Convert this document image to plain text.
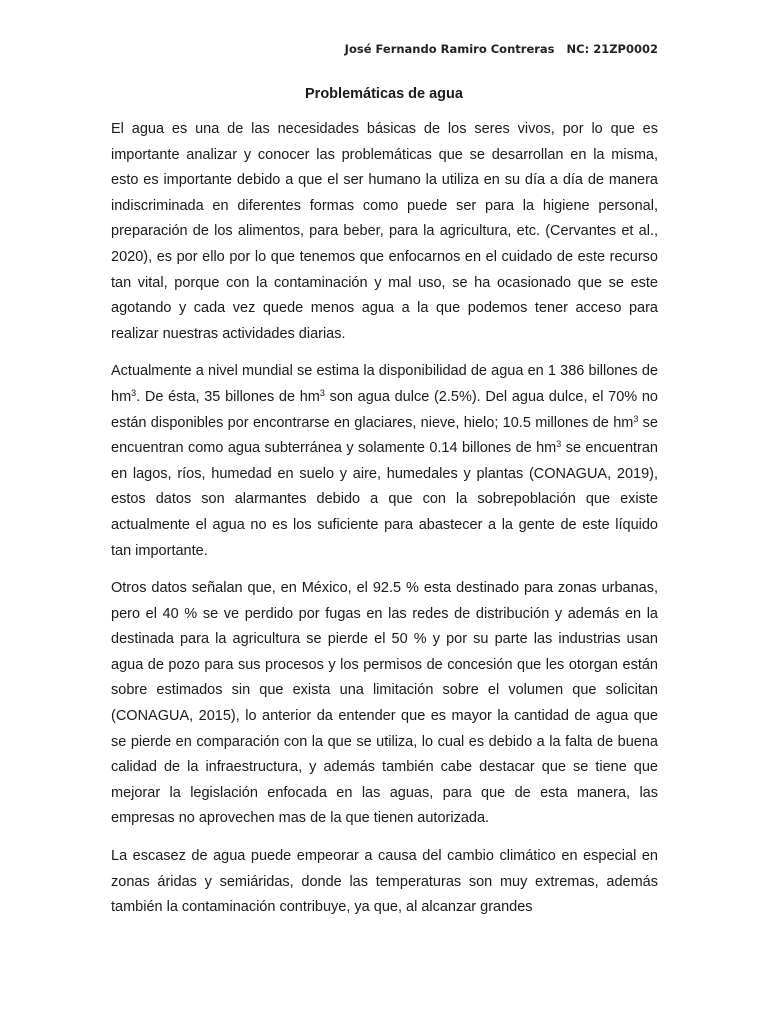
José Fernando Ramiro Contreras NC: 21ZP0002
Problemáticas de agua

El agua es una de las necesidades básicas de los seres vivos, por lo que es importante analizar y conocer las problemáticas que se desarrollan en la misma, esto es importante debido a que el ser humano la utiliza en su día a día de manera indiscriminada en diferentes formas como puede ser para la higiene personal, preparación de los alimentos, para beber, para la agricultura, etc. (Cervantes et al., 2020), es por ello por lo que tenemos que enfocarnos en el cuidado de este recurso tan vital, porque con la contaminación y mal uso, se ha ocasionado que se este agotando y cada vez quede menos agua a la que podemos tener acceso para realizar nuestras actividades diarias.

Actualmente a nivel mundial se estima la disponibilidad de agua en 1 386 billones de $hm^3$. De ésta, 35 billones de $hm^3$ son agua dulce (2.5%). Del agua dulce, el 70% no están disponibles por encontrarse en glaciares, nieve, hielo; 10.5 millones de $hm^3$ se encuentran como agua subterránea y solamente 0.14 billones de $hm^3$ se encuentran en lagos, ríos, humedad en suelo y aire, humedales y plantas (CONAGUA, 2019), estos datos son alarmantes debido a que con la sobrepoblación que existe actualmente el agua no es los suficiente para abastecer a la gente de este líquido tan importante.

Otros datos señalan que, en México, el 92.5 % esta destinado para zonas urbanas, pero el 40 % se ve perdido por fugas en las redes de distribución y además en la destinada para la agricultura se pierde el 50 % y por su parte las industrias usan agua de pozo para sus procesos y los permisos de concesión que les otorgan están sobre estimados sin que exista una limitación sobre el volumen que solicitan (CONAGUA, 2015), lo anterior da entender que es mayor la cantidad de agua que se pierde en comparación con la que se utiliza, lo cual es debido a la falta de buena calidad de la infraestructura, y además también cabe destacar que se tiene que mejorar la legislación enfocada en las aguas, para que de esta manera, las empresas no aprovechen mas de la que tienen autorizada.

La escasez de agua puede empeorar a causa del cambio climático en especial en zonas áridas y semiáridas, donde las temperaturas son muy extremas, además también la contaminación contribuye, ya que, al alcanzar grandes
